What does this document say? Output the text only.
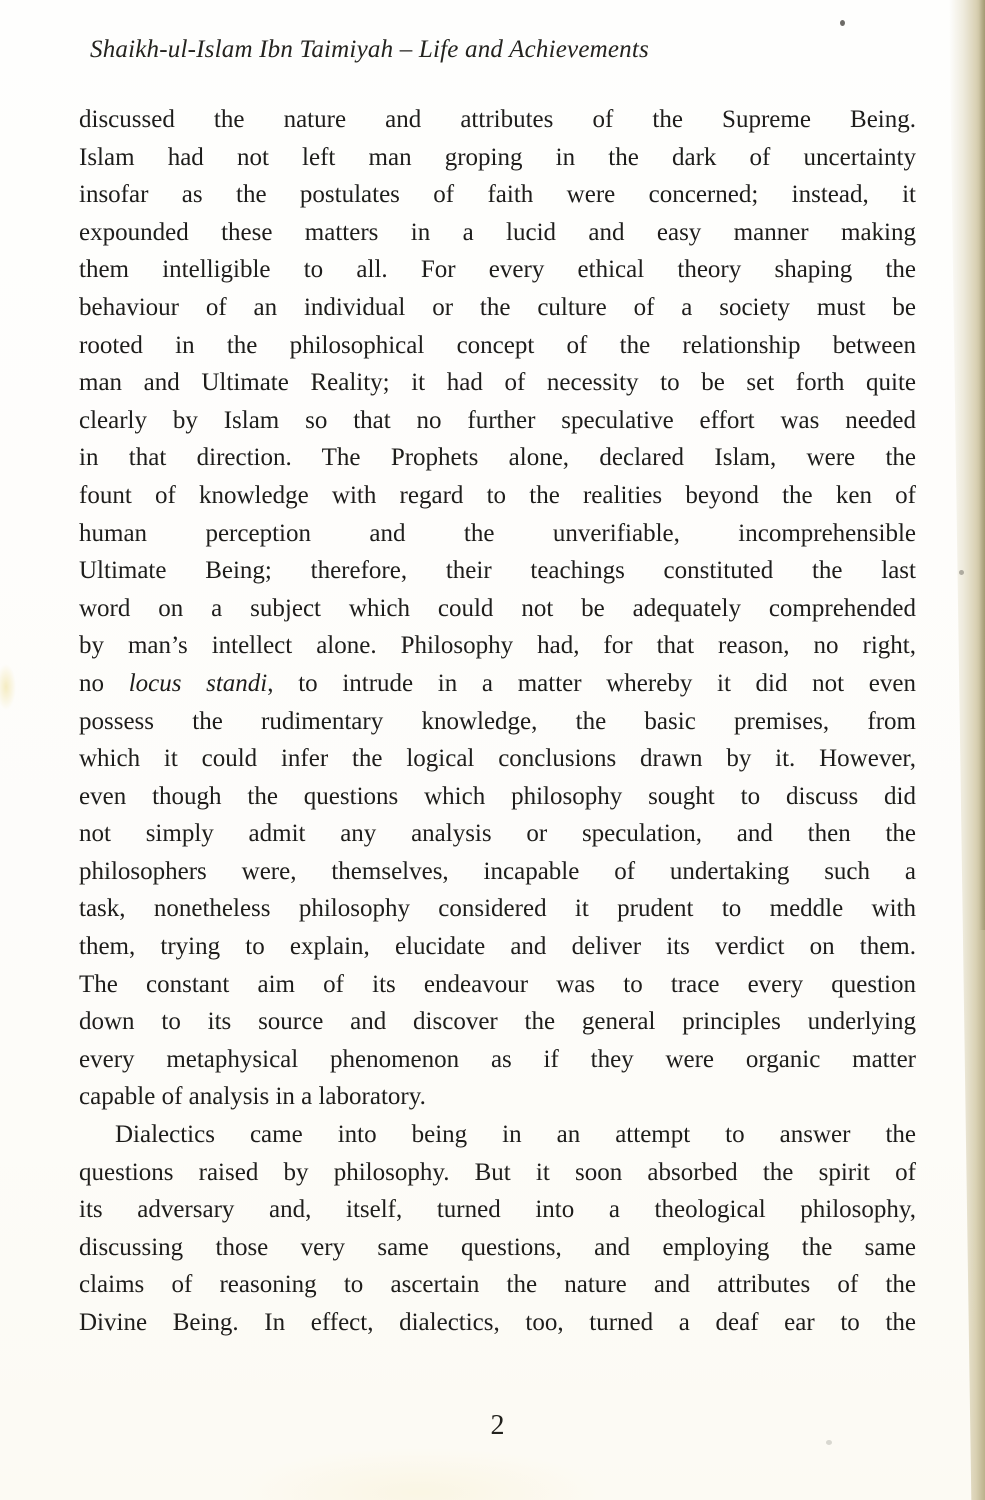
Shaikh-ul-Islam Ibn Taimiyah – Life and Achievements
discussed the nature and attributes of the Supreme Being.
Islam had not left man groping in the dark of uncertainty
insofar as the postulates of faith were concerned; instead, it
expounded these matters in a lucid and easy manner making
them intelligible to all. For every ethical theory shaping the
behaviour of an individual or the culture of a society must be
rooted in the philosophical concept of the relationship between
man and Ultimate Reality; it had of necessity to be set forth quite
clearly by Islam so that no further speculative effort was needed
in that direction. The Prophets alone, declared Islam, were the
fount of knowledge with regard to the realities beyond the ken of
human perception and the unverifiable, incomprehensible
Ultimate Being; therefore, their teachings constituted the last
word on a subject which could not be adequately comprehended
by man’s intellect alone. Philosophy had, for that reason, no right,
no locus standi, to intrude in a matter whereby it did not even
possess the rudimentary knowledge, the basic premises, from
which it could infer the logical conclusions drawn by it. However,
even though the questions which philosophy sought to discuss did
not simply admit any analysis or speculation, and then the
philosophers were, themselves, incapable of undertaking such a
task, nonetheless philosophy considered it prudent to meddle with
them, trying to explain, elucidate and deliver its verdict on them.
The constant aim of its endeavour was to trace every question
down to its source and discover the general principles underlying
every metaphysical phenomenon as if they were organic matter
capable of analysis in a laboratory.
Dialectics came into being in an attempt to answer the
questions raised by philosophy. But it soon absorbed the spirit of
its adversary and, itself, turned into a theological philosophy,
discussing those very same questions, and employing the same
claims of reasoning to ascertain the nature and attributes of the
Divine Being. In effect, dialectics, too, turned a deaf ear to the
2
